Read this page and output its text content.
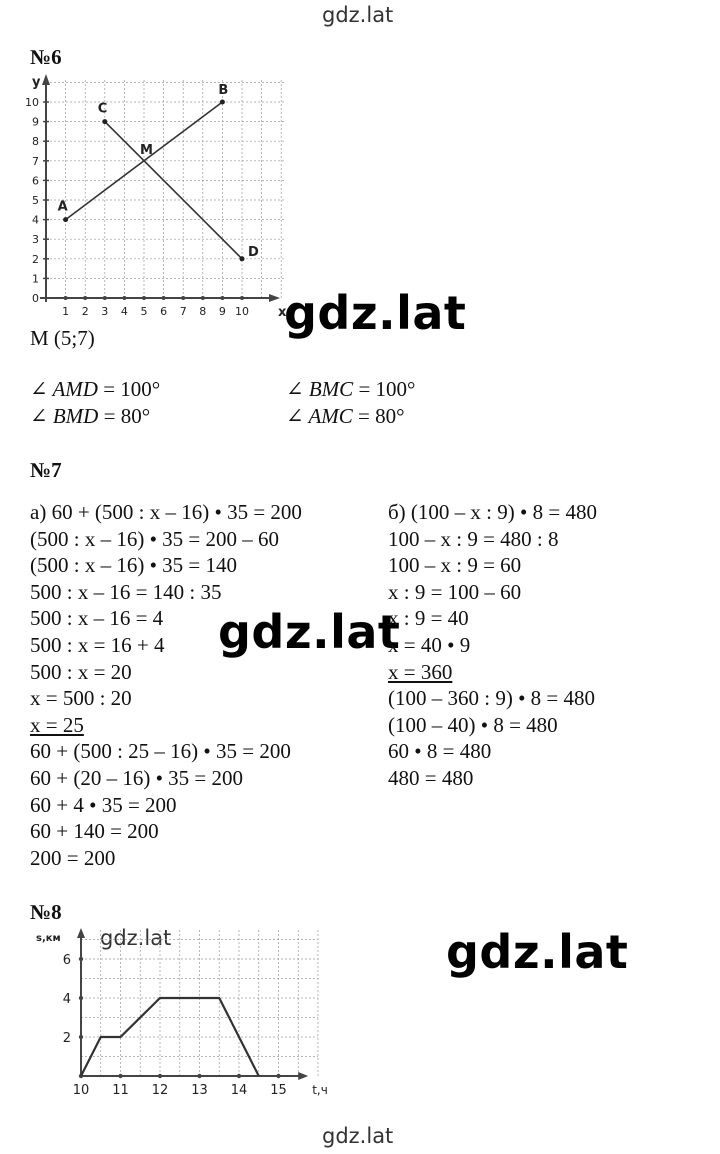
gdz.lat
gdz.lat
gdz.lat
gdz.lat	gdz.lat
gdz.lat
№6
1 2 3 4 5 6 7 8 9 10
1
2
3
4
5
6
7
8
9
10
0
y
x
A
B
C
D
M
M (5;7)
∠ AMD = 100°	∠ BMC = 100°
∠ BMD = 80°	∠ AMC = 80°
№7
а) 60 + (500 : х – 16) • 35 = 200
(500 : х – 16) • 35 = 200 – 60
(500 : х – 16) • 35 = 140
500 : х – 16 = 140 : 35
500 : х – 16 = 4
500 : х = 16 + 4
500 : х = 20
х = 500 : 20
х = 25
60 + (500 : 25 – 16) • 35 = 200
60 + (20 – 16) • 35 = 200
60 + 4 • 35 = 200
60 + 140 = 200
200 = 200
б) (100 – х : 9) • 8 = 480
100 – х : 9 = 480 : 8
100 – х : 9 = 60
х : 9 = 100 – 60
х : 9 = 40
х = 40 • 9
х = 360
(100 – 360 : 9) • 8 = 480
(100 – 40) • 8 = 480
60 • 8 = 480
480 = 480
№8
10 11 12 13 14 15
2
4
6
s,км
t,ч
